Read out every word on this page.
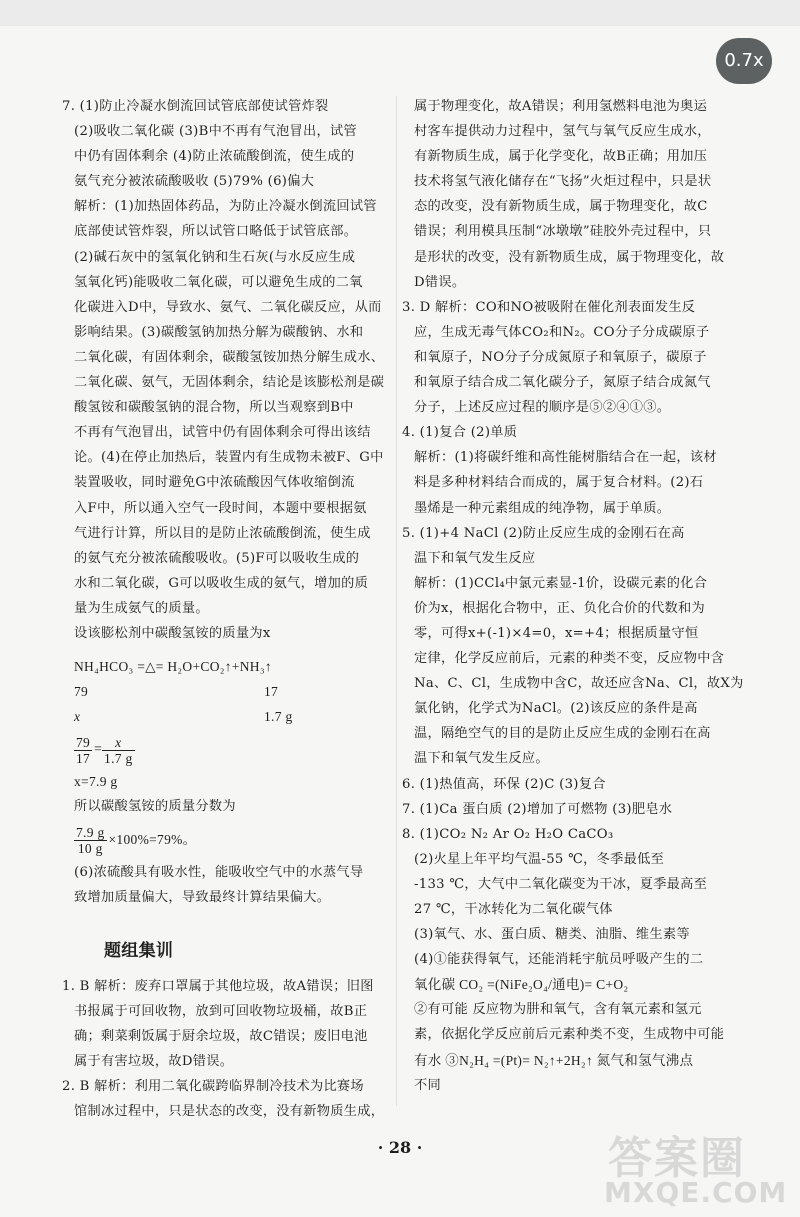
0.7x

7. (1)防止冷凝水倒流回试管底部使试管炸裂

(2)吸收二氧化碳 (3)B中不再有气泡冒出，试管

中仍有固体剩余 (4)防止浓硫酸倒流，使生成的

氨气充分被浓硫酸吸收 (5)79% (6)偏大

解析：(1)加热固体药品，为防止冷凝水倒流回试管

底部使试管炸裂，所以试管口略低于试管底部。

(2)碱石灰中的氢氧化钠和生石灰(与水反应生成

氢氧化钙)能吸收二氧化碳，可以避免生成的二氧

化碳进入D中，导致水、氨气、二氧化碳反应，从而

影响结果。(3)碳酸氢钠加热分解为碳酸钠、水和

二氧化碳，有固体剩余，碳酸氢铵加热分解生成水、

二氧化碳、氨气，无固体剩余，结论是该膨松剂是碳

酸氢铵和碳酸氢钠的混合物，所以当观察到B中

不再有气泡冒出，试管中仍有固体剩余可得出该结

论。(4)在停止加热后，装置内有生成物未被F、G中

装置吸收，同时避免G中浓硫酸因气体收缩倒流

入F中，所以通入空气一段时间，本题中要根据氨

气进行计算，所以目的是防止浓硫酸倒流，使生成

的氨气充分被浓硫酸吸收。(5)F可以吸收生成的

水和二氧化碳，G可以吸收生成的氨气，增加的质

量为生成氨气的质量。

设该膨松剂中碳酸氢铵的质量为x

NH₄HCO₃ =△= H₂O+CO₂↑+NH₃↑

79	17

x	1.7 g

$\frac{79}{17} = \frac{x}{1.7 g}$

x=7.9 g

所以碳酸氢铵的质量分数为

$\frac{7.9 g}{10 g} \times 100\%=79\%$。

(6)浓硫酸具有吸水性，能吸收空气中的水蒸气导

致增加质量偏大，导致最终计算结果偏大。

题组集训

1. B 解析：废弃口罩属于其他垃圾，故A错误；旧图

书报属于可回收物，放到可回收物垃圾桶，故B正

确；剩菜剩饭属于厨余垃圾，故C错误；废旧电池

属于有害垃圾，故D错误。

2. B 解析：利用二氧化碳跨临界制冷技术为比赛场

馆制冰过程中，只是状态的改变，没有新物质生成，

属于物理变化，故A错误；利用氢燃料电池为奥运

村客车提供动力过程中，氢气与氧气反应生成水，

有新物质生成，属于化学变化，故B正确；用加压

技术将氢气液化储存在“飞扬”火炬过程中，只是状

态的改变，没有新物质生成，属于物理变化，故C

错误；利用模具压制“冰墩墩”硅胶外壳过程中，只

是形状的改变，没有新物质生成，属于物理变化，故

D错误。

3. D 解析：CO和NO被吸附在催化剂表面发生反

应，生成无毒气体CO₂和N₂。CO分子分成碳原子

和氧原子，NO分子分成氮原子和氧原子，碳原子

和氧原子结合成二氧化碳分子，氮原子结合成氮气

分子，上述反应过程的顺序是⑤②④①③。

4. (1)复合 (2)单质

解析：(1)将碳纤维和高性能树脂结合在一起，该材

料是多种材料结合而成的，属于复合材料。(2)石

墨烯是一种元素组成的纯净物，属于单质。

5. (1)+4 NaCl (2)防止反应生成的金刚石在高

温下和氧气发生反应

解析：(1)CCl₄中氯元素显-1价，设碳元素的化合

价为x，根据化合物中，正、负化合价的代数和为

零，可得x+(-1)×4=0，x=+4；根据质量守恒

定律，化学反应前后，元素的种类不变，反应物中含

Na、C、Cl，生成物中含C，故还应含Na、Cl，故X为

氯化钠，化学式为NaCl。(2)该反应的条件是高

温，隔绝空气的目的是防止反应生成的金刚石在高

温下和氧气发生反应。

6. (1)热值高，环保 (2)C (3)复合

7. (1)Ca 蛋白质 (2)增加了可燃物 (3)肥皂水

8. (1)CO₂ N₂ Ar O₂ H₂O CaCO₃

(2)火星上年平均气温-55 ℃，冬季最低至

-133 ℃，大气中二氧化碳变为干冰，夏季最高至

27 ℃，干冰转化为二氧化碳气体

(3)氧气、水、蛋白质、糖类、油脂、维生素等

(4)①能获得氧气，还能消耗宇航员呼吸产生的二

氧化碳 CO₂ =(NiFe₂O₄/通电)= C+O₂

②有可能 反应物为肼和氧气，含有氧元素和氢元

素，依据化学反应前后元素种类不变，生成物中可能

有水 ③N₂H₄ =(Pt)= N₂↑+2H₂↑ 氮气和氢气沸点

不同

· 28 ·	答案圈
MXQE.COM
